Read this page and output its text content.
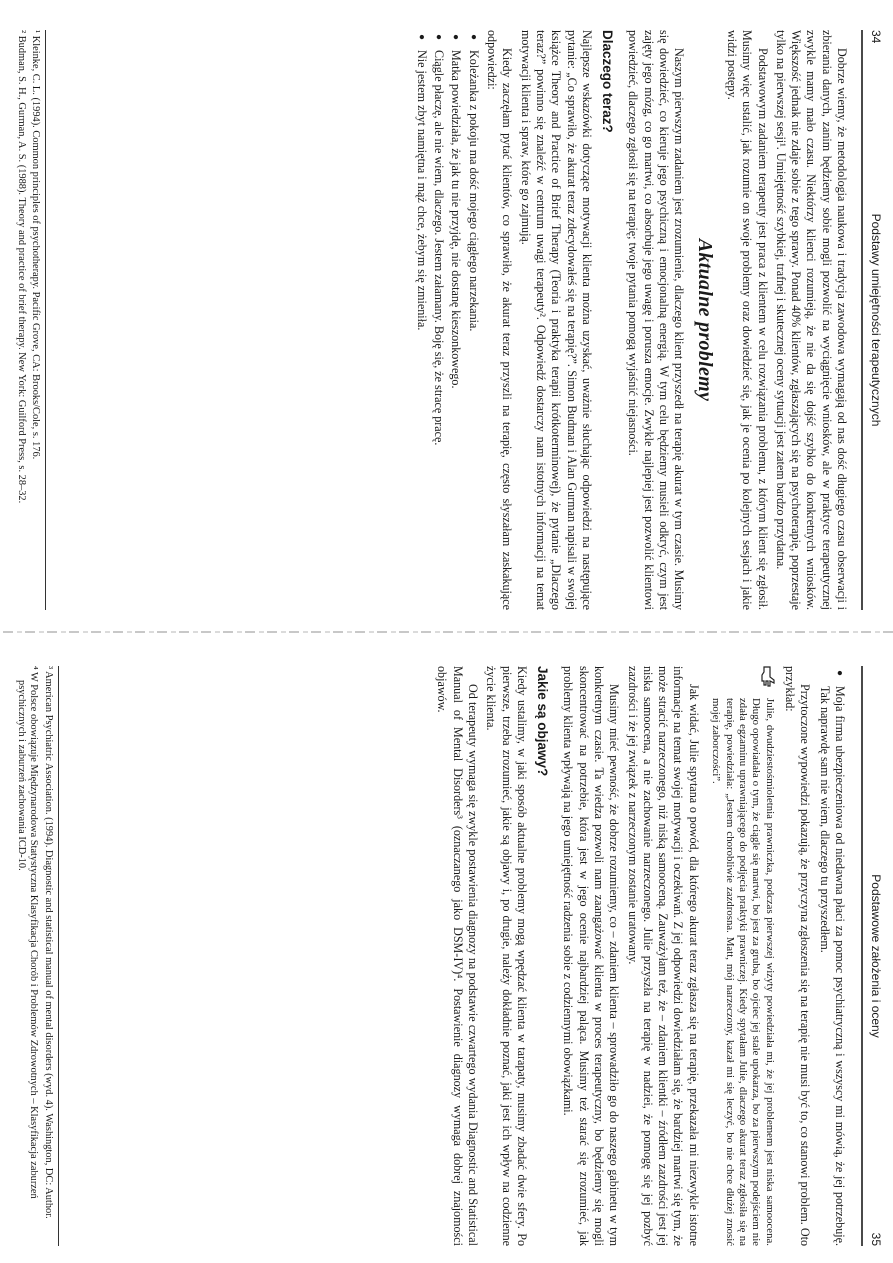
34
Podstawy umiejętności terapeutycznych

Dobrze wiemy, że metodologia naukowa i tradycja zawodowa wymagają od nas dość długiego czasu obserwacji i zbierania danych, zanim będziemy sobie mogli pozwolić na wyciągnięcie wniosków, ale w praktyce terapeutycznej zwykle mamy mało czasu. Niektórzy klienci rozumieją, że nie da się dojść szybko do konkretnych wniosków. Większość jednak nie zdaje sobie z tego sprawy. Ponad 40% klientów, zgłaszających się na psychoterapię, poprzestaje tylko na pierwszej sesji¹. Umiejętność szybkiej, trafnej i skutecznej oceny sytuacji jest zatem bardzo przydatna.

Podstawowym zadaniem terapeuty jest praca z klientem w celu rozwiązania problemu, z którym klient się zgłosił. Musimy więc ustalić, jak rozumie on swoje problemy oraz dowiedzieć się, jak je ocenia po kolejnych sesjach i jakie widzi postępy.

Aktualne problemy

Naszym pierwszym zadaniem jest zrozumienie, dlaczego klient przyszedł na terapię akurat w tym czasie. Musimy się dowiedzieć, co kieruje jego psychiczną i emocjonalną energią. W tym celu będziemy musieli odkryć, czym jest zajęty jego mózg, co go martwi, co absorbuje jego uwagę i porusza emocje. Zwykle najlepiej jest pozwolić klientowi powiedzieć, dlaczego zgłosił się na terapię; twoje pytania pomogą wyjaśnić niejasności.

Dlaczego teraz?

Najlepsze wskazówki dotyczące motywacji klienta można uzyskać, uważnie słuchając odpowiedzi na następujące pytanie: „Co sprawiło, że akurat teraz zdecydowałeś się na terapię?”. Simon Budman i Alan Gurman napisali w swojej książce Theory and Practice of Brief Therapy (Teoria i praktyka terapii krótkoterminowej), że pytanie „Dlaczego teraz?” powinno się znaleźć w centrum uwagi terapeuty². Odpowiedź dostarczy nam istotnych informacji na temat motywacji klienta i spraw, które go zajmują.

Kiedy zaczęłam pytać klientów, co sprawiło, że akurat teraz przyszli na terapię, często słyszałam zaskakujące odpowiedzi:

● Koleżanka z pokoju ma dość mojego ciągłego narzekania.
● Matka powiedziała, że jak tu nie przyjdę, nie dostanę kieszonkowego.
● Ciągle płaczę, ale nie wiem, dlaczego. Jestem załamany. Boję się, że stracę pracę.
● Nie jestem zbyt namiętna i mąż chce, żebym się zmieniła.

¹ Kleinke, C. L. (1994). Common principles of psychotherapy. Pacific Grove, CA: Brooks/Cole, s. 176.

² Budman, S. H., Gurman, A. S. (1988). Theory and practice of brief therapy. New York: Guilford Press, s. 28–32.

Podstawowe założenia i oceny
35
● Moja firma ubezpieczeniowa od niedawna płaci za pomoc psychiatryczną i wszyscy mi mówią, że jej potrzebuję. Tak naprawdę sam nie wiem, dlaczego tu przyszedłem.

Przytoczone wypowiedzi pokazują, że przyczyna zgłoszenia się na terapię nie musi być to, co stanowi problem. Oto przykład:

Julie, dwudziestośmioletnia prawniczka, podczas pierwszej wizyty powiedziała mi, że jej problemem jest niska samoocena. Długo opowiadała o tym, że ciągle się martwi, bo jest za gruba, bo ojciec jej stale upokarza, bo za pierwszym podejściem nie zdała egzaminu uprawniającego do podjęcia praktyki prawniczej. Kiedy spytałam Julie, dlaczego akurat teraz zgłosiła się na terapię, powiedziała: „Jestem chorobliwie zazdrosna. Matt, mój narzeczony, kazał mi się leczyć, bo nie chce dłużej znosić mojej zaborczości”.

Jak widać, Julie spytana o powód, dla którego akurat teraz zgłasza się na terapię, przekazała mi niezwykle istotne informacje na temat swojej motywacji i oczekiwań. Z jej odpowiedzi dowiedziałam się, że bardziej martwi się tym, że może stracić narzeczonego, niż niską samooceną. Zauważyłam też, że – zdaniem klientki – źródłem zazdrości jest jej niska samoocena, a nie zachowanie narzeczonego. Julie przyszła na terapię w nadziei, że pomogę się jej pozbyć zazdrości i że jej związek z narzeczonym zostanie uratowany.

Musimy mieć pewność, że dobrze rozumiemy, co – zdaniem klienta – sprowadziło go do naszego gabinetu w tym konkretnym czasie. Ta wiedza pozwoli nam zaangażować klienta w proces terapeutyczny, bo będziemy się mogli skoncentrować na potrzebie, która jest w jego ocenie najbardziej paląca. Musimy też starać się zrozumieć, jak problemy klienta wpływają na jego umiejętność radzenia sobie z codziennymi obowiązkami.

Jakie są objawy?

Kiedy ustalimy, w jaki sposób aktualne problemy mogą wpędzać klienta w tarapaty, musimy zbadać dwie sfery. Po pierwsze, trzeba zrozumieć, jakie są objawy i, po drugie, należy dokładnie poznać, jaki jest ich wpływ na codzienne życie klienta.

Od terapeuty wymaga się zwykle postawienia diagnozy na podstawie czwartego wydania Diagnostic and Statistical Manual of Mental Disorders³ (oznaczanego jako DSM-IV)⁴. Postawienie diagnozy wymaga dobrej znajomości objawów.

³ American Psychiatric Association. (1994). Diagnostic and statistical manual of mental disorders (wyd. 4). Washington, DC: Author.

⁴ W Polsce obowiązuje Międzynarodowa Statystyczna Klasyfikacja Chorób i Problemów Zdrowotnych – Klasyfikacja zaburzeń psychicznych i zaburzeń zachowania ICD-10.
